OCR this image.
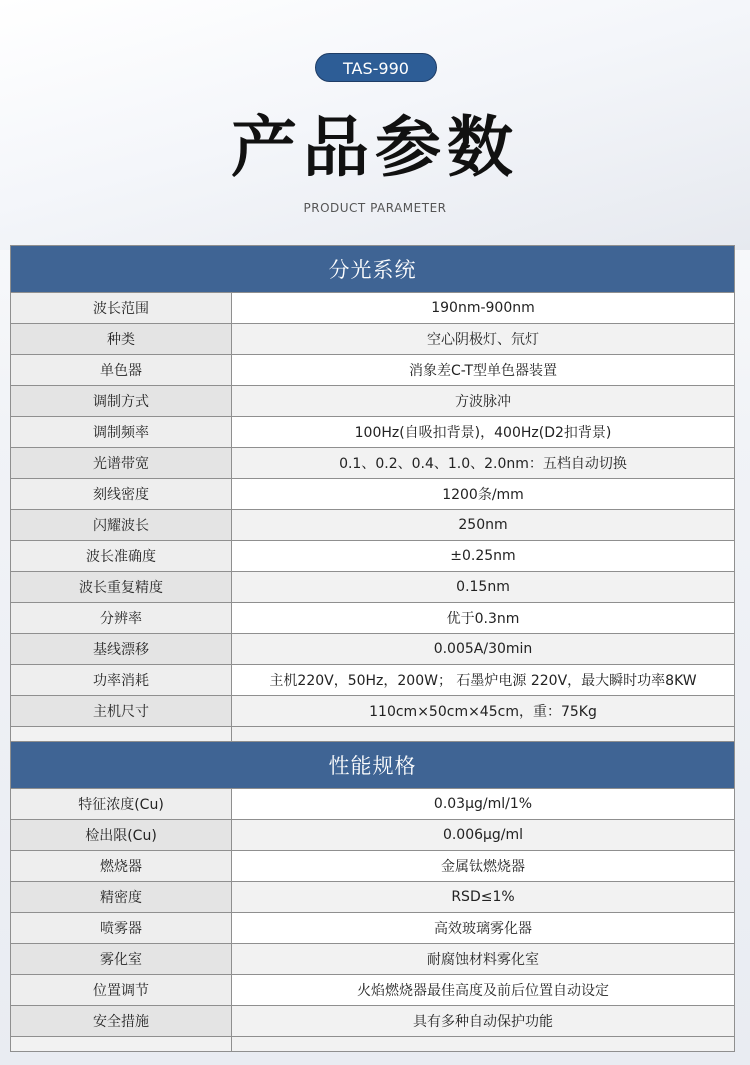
TAS-990
产品参数
PRODUCT PARAMETER
分光系统	
波长范围	190nm-900nm
种类	空心阴极灯、氘灯
单色器	消象差C-T型单色器装置
调制方式	方波脉冲
调制频率	100Hz(自吸扣背景)，400Hz(D2扣背景)
光谱带宽	0.1、0.2、0.4、1.0、2.0nm：五档自动切换
刻线密度	1200条/mm
闪耀波长	250nm
波长准确度	±0.25nm
波长重复精度	0.15nm
分辨率	优于0.3nm
基线漂移	0.005A/30min
功率消耗	主机220V，50Hz，200W； 石墨炉电源 220V，最大瞬时功率8KW
主机尺寸	110cm×50cm×45cm，重：75Kg

性能规格	
特征浓度(Cu)	0.03μg/ml/1%
检出限(Cu)	0.006μg/ml
燃烧器	金属钛燃烧器
精密度	RSD≤1%
喷雾器	高效玻璃雾化器
雾化室	耐腐蚀材料雾化室
位置调节	火焰燃烧器最佳高度及前后位置自动设定
安全措施	具有多种自动保护功能
